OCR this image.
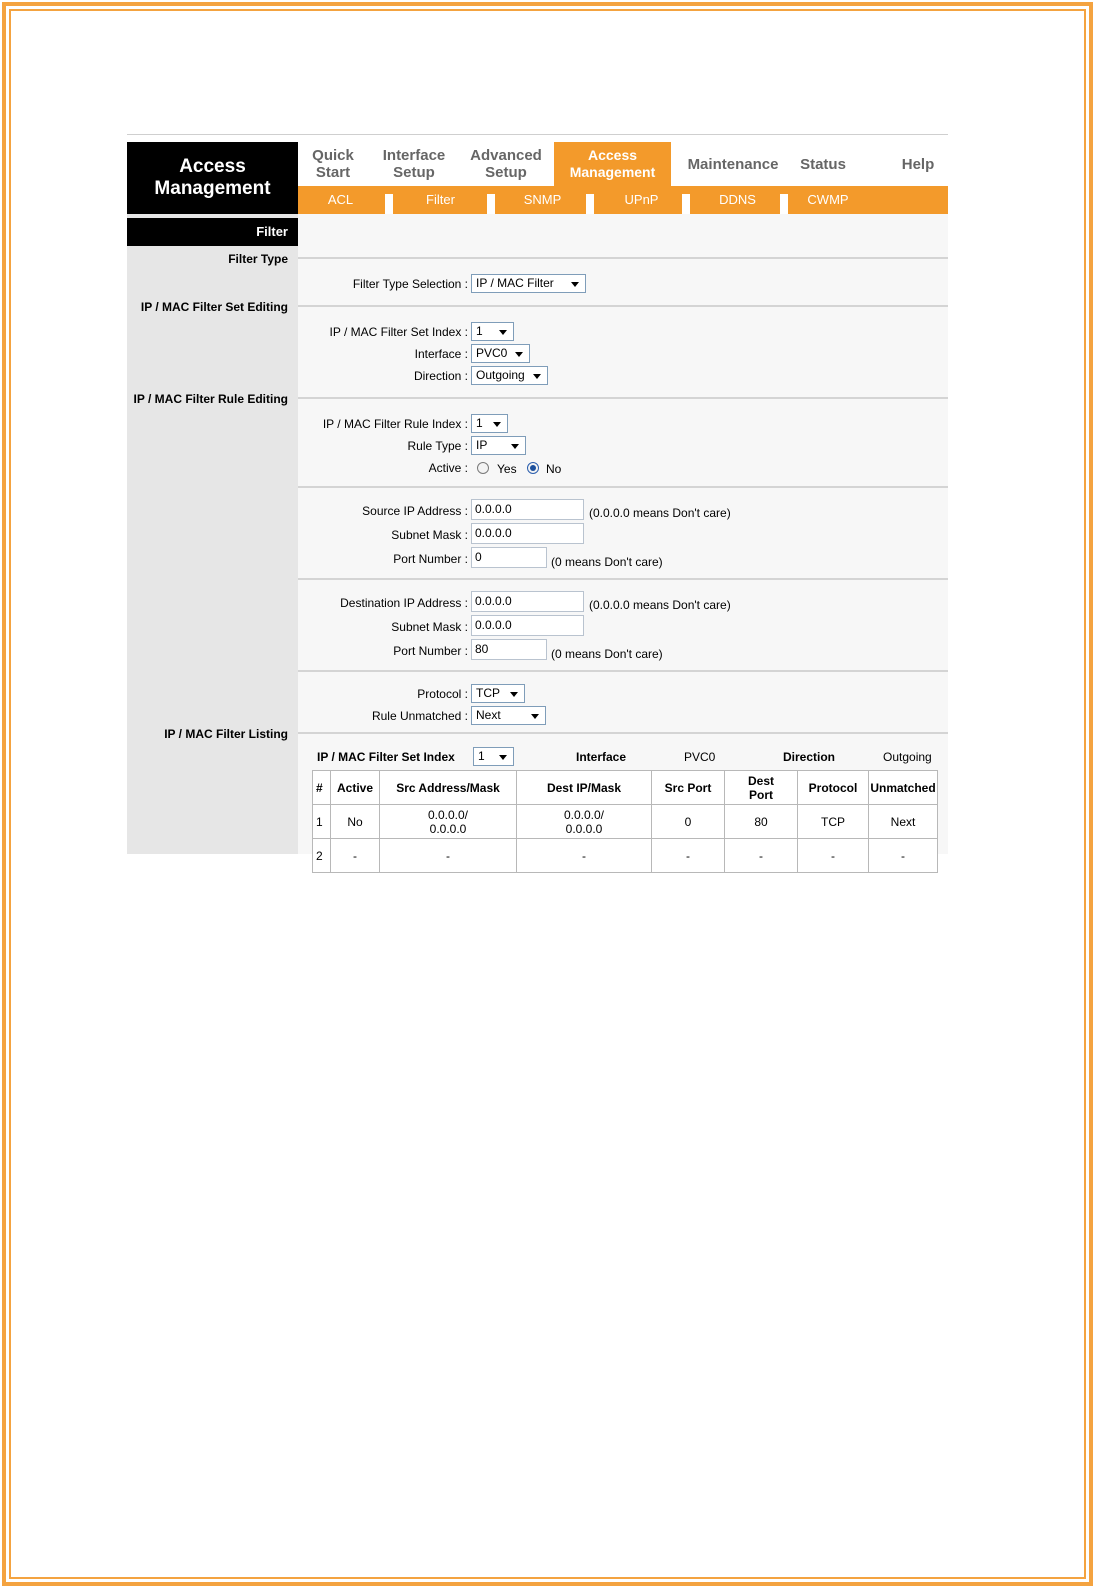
Access
Management
Quick
Start
Interface
Setup
Advanced
Setup
Access
Management Maintenance Status	Help
ACL	Filter	SNMP	UPnP	DDNS	CWMP
Filter
Filter Type
IP / MAC Filter Set Editing
IP / MAC Filter Rule Editing
IP / MAC Filter Listing
Filter Type Selection : IP / MAC Filter
IP / MAC Filter Set Index : 1
Interface : PVC0
Direction : Outgoing
IP / MAC Filter Rule Index : 1
Rule Type : IP
Active : Yes No
Source IP Address : 0.0.0.0	(0.0.0.0 means Don't care)
Subnet Mask : 0.0.0.0
Port Number : 0	(0 means Don't care)
Destination IP Address : 0.0.0.0	(0.0.0.0 means Don't care)
Subnet Mask : 0.0.0.0
Port Number : 80	(0 means Don't care)
Protocol : TCP
Rule Unmatched : Next
IP / MAC Filter Set Index	1	Interface	PVC0	Direction	Outgoing
#	Active	Src Address/Mask	Dest IP/Mask	Src Port	Dest Port	Protocol	Unmatched
1	No	0.0.0.0/ 0.0.0.0	0.0.0.0/ 0.0.0.0	0	80	TCP	Next
2	-	-	-	-	-	-	-
